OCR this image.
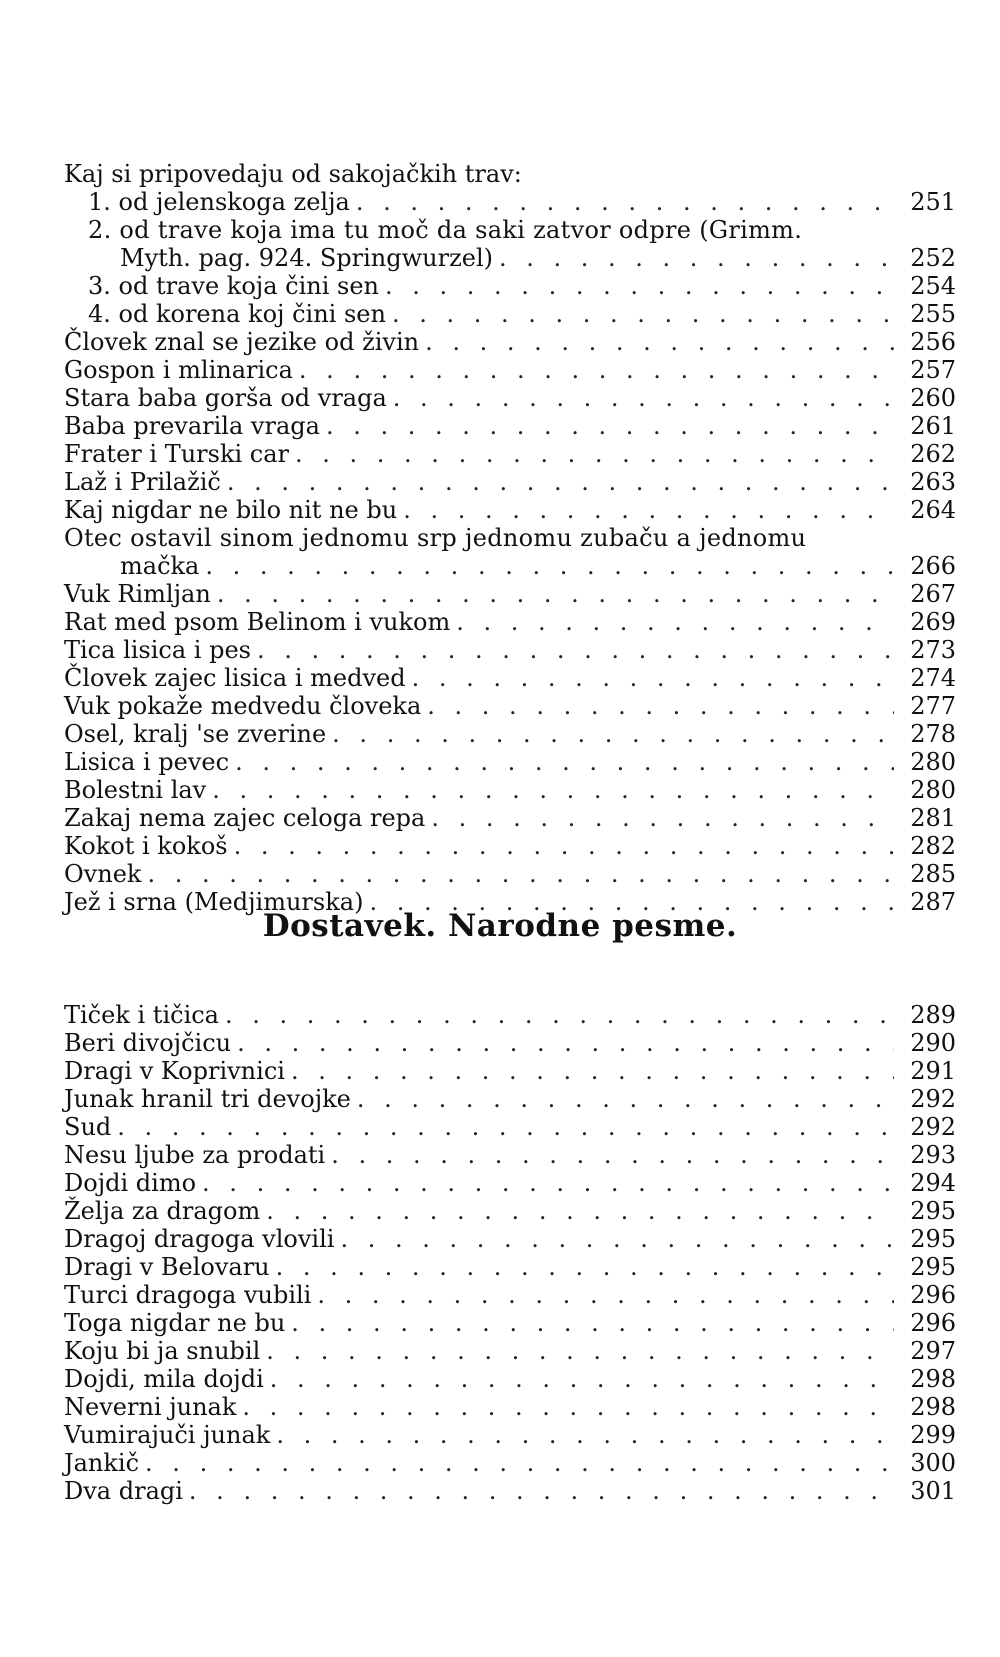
Kaj si pripovedaju od sakojačkih trav:
1. od jelenskoga zelja . . .	251
2. od trave koja ima tu moč da saki zatvor odpre (Grimm.
Myth. pag. 924. Springwurzel) . . .	252
3. od trave koja čini sen . . .	254
4. od korena koj čini sen . . .	255
Človek znal se jezike od živin . . .	256
Gospon i mlinarica . . .	257
Stara baba gorša od vraga . . .	260
Baba prevarila vraga . . .	261
Frater i Turski car . . .	262
Laž i Prilažič . . .	263
Kaj nigdar ne bilo nit ne bu . . .	264
Otec ostavil sinom jednomu srp jednomu zubaču a jednomu
mačka . . .	266
Vuk Rimljan . . .	267
Rat med psom Belinom i vukom . . .	269
Tica lisica i pes . . .	273
Človek zajec lisica i medved . . .	274
Vuk pokaže medvedu človeka . . .	277
Osel, kralj 'se zverine . . .	278
Lisica i pevec . . .	280
Bolestni lav . . .	280
Zakaj nema zajec celoga repa . . .	281
Kokot i kokoš . . .	282
Ovnek . . .	285
Jež i srna (Medjimurska) . . .	287
Dostavek. Narodne pesme.
Tiček i tičica . . .	289
Beri divojčicu . . .	290
Dragi v Koprivnici . . .	291
Junak hranil tri devojke . . .	292
Sud . . .	292
Nesu ljube za prodati . . .	293
Dojdi dimo . . .	294
Želja za dragom . . .	295
Dragoj dragoga vlovili . . .	295
Dragi v Belovaru . . .	295
Turci dragoga vubili . . .	296
Toga nigdar ne bu . . .	296
Koju bi ja snubil . . .	297
Dojdi, mila dojdi . . .	298
Neverni junak . . .	298
Vumirajuči junak . . .	299
Jankič . . .	300
Dva dragi . . .	301
